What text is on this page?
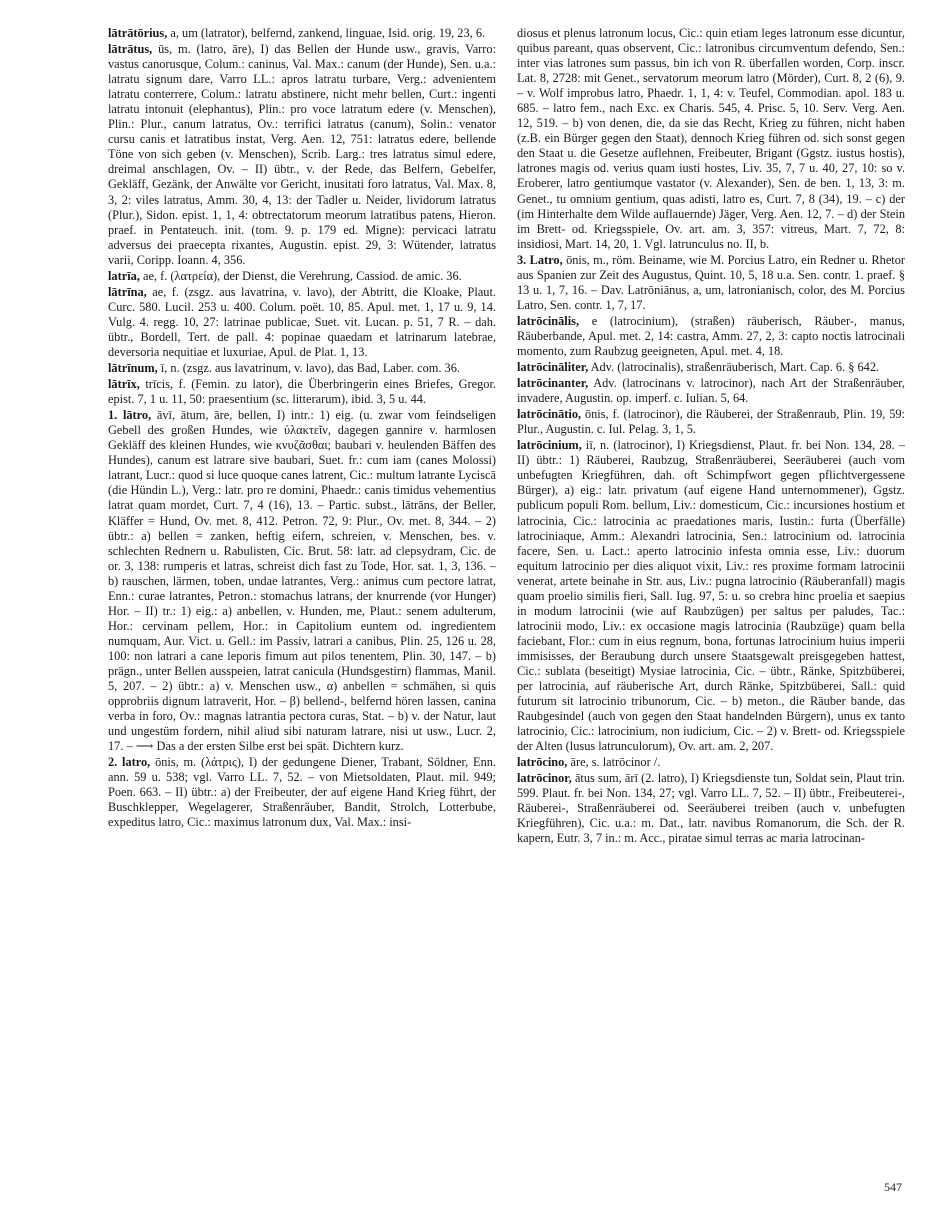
lātrātōrius, a, um (latrator), belfernd, zankend, linguae, Isid. orig. 19, 23, 6.
lātrātus, ūs, m. (latro, āre), I) das Bellen der Hunde usw., gravis, Varro: vastus canorusque, Colum.: caninus, Val. Max.: canum (der Hunde), Sen. u.a.: latratu signum dare, Varro LL.: apros latratu turbare, Verg.: advenientem latratu conterrere, Colum.: latratu abstinere, nicht mehr bellen, Curt.: ingenti latratu intonuit (elephantus), Plin.: pro voce latratum edere (v. Menschen), Plin.: Plur., canum latratus, Ov.: terrifici latratus (canum), Solin.: venator cursu canis et latratibus instat, Verg. Aen. 12, 751: latratus edere, bellende Töne von sich geben (v. Menschen), Scrib. Larg.: tres latratus simul edere, dreimal anschlagen, Ov. – II) übtr., v. der Rede, das Belfern, Gebelfer, Gekläff, Gezänk, der Anwälte vor Gericht, inusitati foro latratus, Val. Max. 8, 3, 2: viles latratus, Amm. 30, 4, 13: der Tadler u. Neider, lividorum latratus (Plur.), Sidon. epist. 1, 1, 4: obtrectatorum meorum latratibus patens, Hieron. praef. in Pentateuch. init. (tom. 9. p. 179 ed. Migne): pervicaci latratu adversus dei praecepta rixantes, Augustin. epist. 29, 3: Wütender, latratus varii, Coripp. Ioann. 4, 356.
latrīa, ae, f. (λατρεία), der Dienst, die Verehrung, Cassiod. de amic. 36.
lātrīna, ae, f. (zsgz. aus lavatrina, v. lavo), der Abtritt, die Kloake, Plaut. Curc. 580. Lucil. 253 u. 400. Colum. poët. 10, 85. Apul. met. 1, 17 u. 9, 14. Vulg. 4. regg. 10, 27: latrinae publicae, Suet. vit. Lucan. p. 51, 7 R. – dah. übtr., Bordell, Tert. de pall. 4: popinae quaedam et latrinarum latebrae, deversoria nequitiae et luxuriae, Apul. de Plat. 1, 13.
lātrīnum, ī, n. (zsgz. aus lavatrinum, v. lavo), das Bad, Laber. com. 36.
lātrīx, trīcis, f. (Femin. zu lator), die Überbringerin eines Briefes, Gregor. epist. 7, 1 u. 11, 50: praesentium (sc. litterarum), ibid. 3, 5 u. 44.
1. lātro, āvī, ātum, āre, bellen, I) intr.: 1) eig. (u. zwar vom feindseligen Gebell des großen Hundes, wie ὑλακτεῖν, dagegen gannire v. harmlosen Gekläff des kleinen Hundes, wie κνυζᾶσθαι; baubari v. heulenden Bäffen des Hundes), canum est latrare sive baubari, Suet. fr.: cum iam (canes Molossi) latrant, Lucr.: quod si luce quoque canes latrent, Cic.: multum latrante Lyciscā (die Hündin L.), Verg.: latr. pro re domini, Phaedr.: canis timidus vehementius latrat quam mordet, Curt. 7, 4 (16), 13. – Partic. subst., lātrāns, der Beller, Kläffer = Hund, Ov. met. 8, 412. Petron. 72, 9: Plur., Ov. met. 8, 344. – 2) übtr.: a) bellen = zanken, heftig eifern, schreien, v. Menschen, bes. v. schlechten Rednern u. Rabulisten, Cic. Brut. 58: latr. ad clepsydram, Cic. de or. 3, 138: rumperis et latras, schreist dich fast zu Tode, Hor. sat. 1, 3, 136. – b) rauschen, lärmen, toben, undae latrantes, Verg.: animus cum pectore latrat, Enn.: curae latrantes, Petron.: stomachus latrans, der knurrende (vor Hunger) Hor. – II) tr.: 1) eig.: a) anbellen, v. Hunden, me, Plaut.: senem adulterum, Hor.: cervinam pellem, Hor.: in Capitolium euntem od. ingredientem numquam, Aur. Vict. u. Gell.: im Passiv, latrari a canibus, Plin. 25, 126 u. 28, 100: non latrari a cane leporis fimum aut pilos tenentem, Plin. 30, 147. – b) prägn., unter Bellen ausspeien, latrat canicula (Hundsgestirn) flammas, Manil. 5, 207. – 2) übtr.: a) v. Menschen usw., α) anbellen = schmähen, si quis opprobriis dignum latraverit, Hor. – β) bellend-, belfernd hören lassen, canina verba in foro, Ov.: magnas latrantia pectora curas, Stat. – b) v. der Natur, laut und ungestüm fordern, nihil aliud sibi naturam latrare, nisi ut usw., Lucr. 2, 17. – ⟶ Das a der ersten Silbe erst bei spät. Dichtern kurz.
2. latro, ōnis, m. (λάτρις), I) der gedungene Diener, Trabant, Söldner, Enn. ann. 59 u. 538; vgl. Varro LL. 7, 52. – von Mietsoldaten, Plaut. mil. 949; Poen. 663. – II) übtr.: a) der Freibeuter, der auf eigene Hand Krieg führt, der Buschklepper, Wegelagerer, Straßenräuber, Bandit, Strolch, Lotterbube, expeditus latro, Cic.: maximus latronum dux, Val. Max.: insi-
diosus et plenus latronum locus, Cic.: quin etiam leges latronum esse dicuntur, quibus pareant, quas observent, Cic.: latronibus circumventum defendo, Sen.: inter vias latrones sum passus, bin ich von R. überfallen worden, Corp. inscr. Lat. 8, 2728: mit Genet., servatorum meorum latro (Mörder), Curt. 8, 2 (6), 9. – v. Wolf improbus latro, Phaedr. 1, 1, 4: v. Teufel, Commodian. apol. 183 u. 685. – latro fem., nach Exc. ex Charis. 545, 4. Prisc. 5, 10. Serv. Verg. Aen. 12, 519. – b) von denen, die, da sie das Recht, Krieg zu führen, nicht haben (z.B. ein Bürger gegen den Staat), dennoch Krieg führen od. sich sonst gegen den Staat u. die Gesetze auflehnen, Freibeuter, Brigant (Ggstz. iustus hostis), latrones magis od. verius quam iusti hostes, Liv. 35, 7, 7 u. 40, 27, 10: so v. Eroberer, latro gentiumque vastator (v. Alexander), Sen. de ben. 1, 13, 3: m. Genet., tu omnium gentium, quas adisti, latro es, Curt. 7, 8 (34), 19. – c) der (im Hinterhalte dem Wilde auflauernde) Jäger, Verg. Aen. 12, 7. – d) der Stein im Brett- od. Kriegsspiele, Ov. art. am. 3, 357: vitreus, Mart. 7, 72, 8: insidiosi, Mart. 14, 20, 1. Vgl. latrunculus no. II, b.
3. Latro, ōnis, m., röm. Beiname, wie M. Porcius Latro, ein Redner u. Rhetor aus Spanien zur Zeit des Augustus, Quint. 10, 5, 18 u.a. Sen. contr. 1. praef. § 13 u. 1, 7, 16. – Dav. Latrōniānus, a, um, latronianisch, color, des M. Porcius Latro, Sen. contr. 1, 7, 17.
latrōcinālis, e (latrocinium), (straßen) räuberisch, Räuber-, manus, Räuberbande, Apul. met. 2, 14: castra, Amm. 27, 2, 3: capto noctis latrocinali momento, zum Raubzug geeigneten, Apul. met. 4, 18.
latrōcināliter, Adv. (latrocinalis), straßenräuberisch, Mart. Cap. 6. § 642.
latrōcinanter, Adv. (latrocinans v. latrocinor), nach Art der Straßenräuber, invadere, Augustin. op. imperf. c. Iulian. 5, 64.
latrōcinātio, ōnis, f. (latrocinor), die Räuberei, der Straßenraub, Plin. 19, 59: Plur., Augustin. c. Iul. Pelag. 3, 1, 5.
latrōcinium, iī, n. (latrocinor), I) Kriegsdienst, Plaut. fr. bei Non. 134, 28. – II) übtr.: 1) Räuberei, Raubzug, Straßenräuberei, Seeräuberei (auch vom unbefugten Kriegführen, dah. oft Schimpfwort gegen pflichtvergessene Bürger), a) eig.: latr. privatum (auf eigene Hand unternommener), Ggstz. publicum populi Rom. bellum, Liv.: domesticum, Cic.: incursiones hostium et latrocinia, Cic.: latrocinia ac praedationes maris, Iustin.: furta (Überfälle) latrociniaque, Amm.: Alexandri latrocinia, Sen.: latrocinium od. latrocinia facere, Sen. u. Lact.: aperto latrocinio infesta omnia esse, Liv.: duorum equitum latrocinio per dies aliquot vixit, Liv.: res proxime formam latrocinii venerat, artete beinahe in Str. aus, Liv.: pugna latrocinio (Räuberanfall) magis quam proelio similis fieri, Sall. Iug. 97, 5: u. so crebra hinc proelia et saepius in modum latrocinii (wie auf Raubzügen) per saltus per paludes, Tac.: latrocinii modo, Liv.: ex occasione magis latrocinia (Raubzüge) quam bella faciebant, Flor.: cum in eius regnum, bona, fortunas latrocinium huius imperii immisisses, der Beraubung durch unsere Staatsgewalt preisgegeben hattest, Cic.: sublata (beseitigt) Mysiae latrocinia, Cic. – übtr., Ränke, Spitzbüberei, per latrocinia, auf räuberische Art, durch Ränke, Spitzbüberei, Sall.: quid futurum sit latrocinio tribunorum, Cic. – b) meton., die Räuber bande, das Raubgesindel (auch von gegen den Staat handelnden Bürgern), unus ex tanto latrocinio, Cic.: latrocinium, non iudicium, Cic. – 2) v. Brett- od. Kriegsspiele der Alten (lusus latrunculorum), Ov. art. am. 2, 207.
latrōcino, āre, s. latrōcinor /.
latrōcinor, ātus sum, ārī (2. latro), I) Kriegsdienste tun, Soldat sein, Plaut trin. 599. Plaut. fr. bei Non. 134, 27; vgl. Varro LL. 7, 52. – II) übtr., Freibeuterei-, Räuberei-, Straßenräuberei od. Seeräuberei treiben (auch v. unbefugten Kriegführen), Cic. u.a.: m. Dat., latr. navibus Romanorum, die Sch. der R. kapern, Eutr. 3, 7 in.: m. Acc., piratae simul terras ac maria latrocinan-
547
